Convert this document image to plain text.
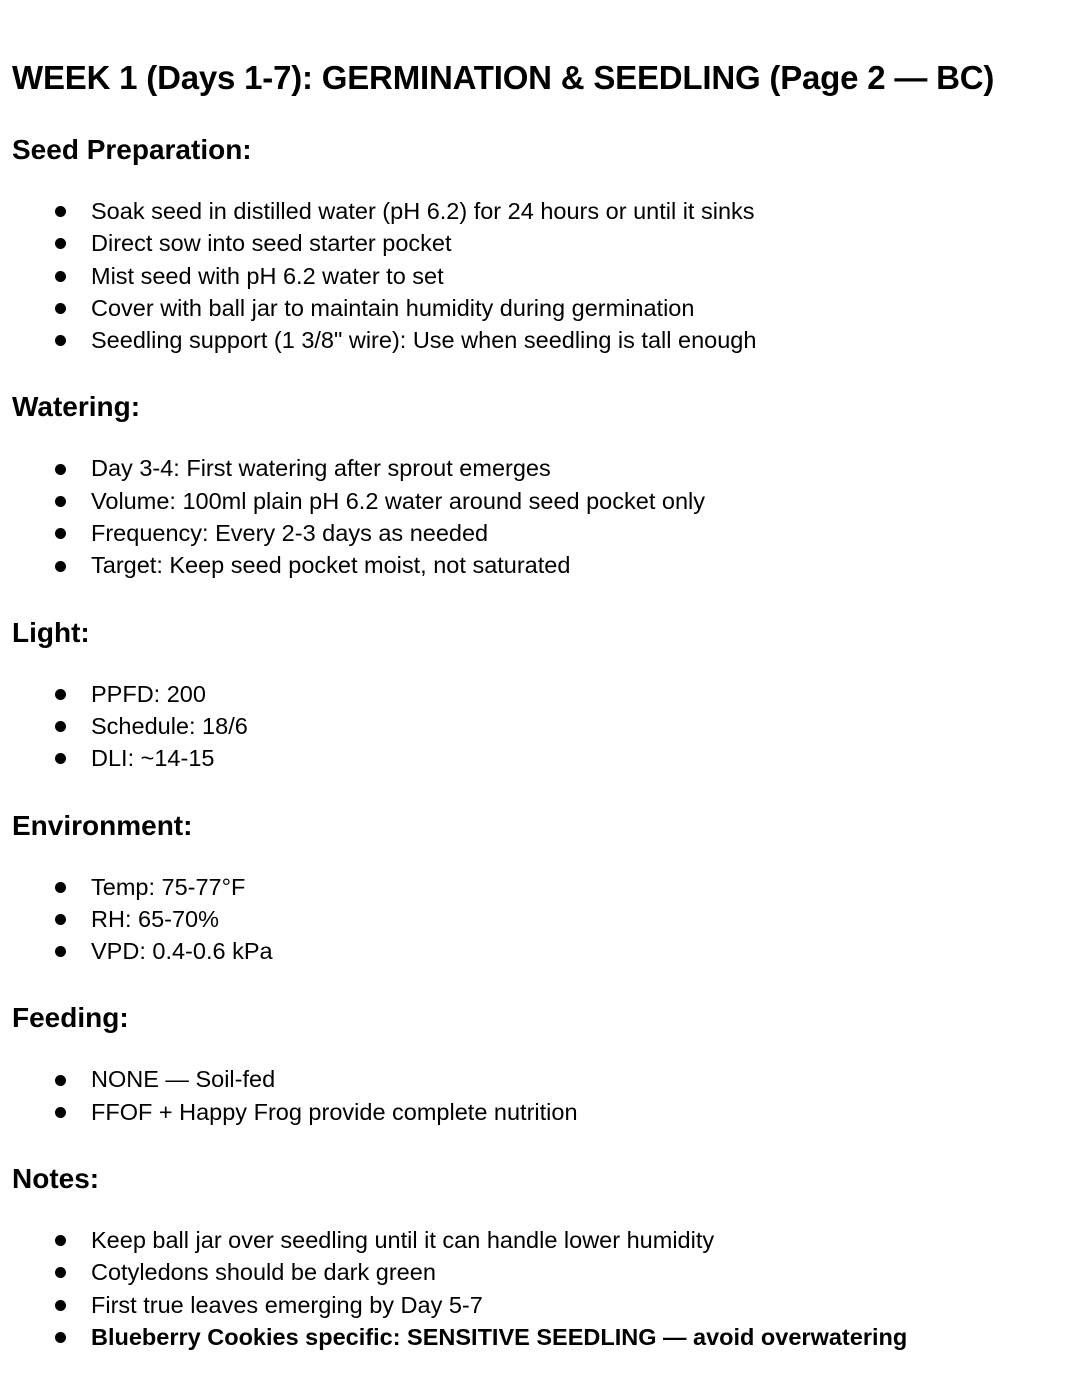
WEEK 1 (Days 1-7): GERMINATION & SEEDLING (Page 2 — BC)
Seed Preparation:
Soak seed in distilled water (pH 6.2) for 24 hours or until it sinks
Direct sow into seed starter pocket
Mist seed with pH 6.2 water to set
Cover with ball jar to maintain humidity during germination
Seedling support (1 3/8" wire): Use when seedling is tall enough
Watering:
Day 3-4: First watering after sprout emerges
Volume: 100ml plain pH 6.2 water around seed pocket only
Frequency: Every 2-3 days as needed
Target: Keep seed pocket moist, not saturated
Light:
PPFD: 200
Schedule: 18/6
DLI: ~14-15
Environment:
Temp: 75-77°F
RH: 65-70%
VPD: 0.4-0.6 kPa
Feeding:
NONE — Soil-fed
FFOF + Happy Frog provide complete nutrition
Notes:
Keep ball jar over seedling until it can handle lower humidity
Cotyledons should be dark green
First true leaves emerging by Day 5-7
Blueberry Cookies specific: SENSITIVE SEEDLING — avoid overwatering
